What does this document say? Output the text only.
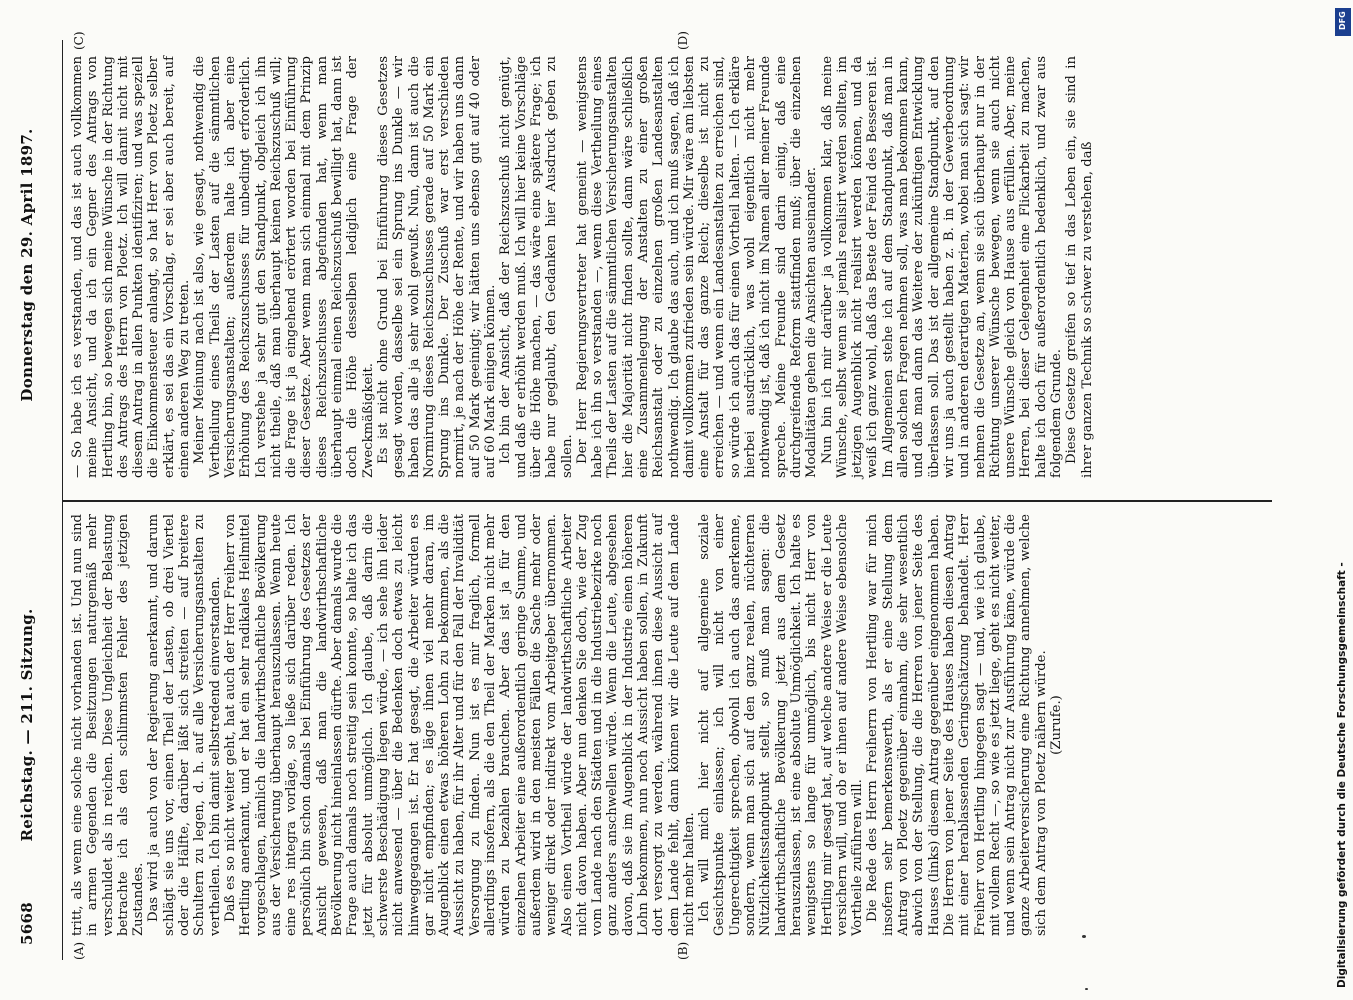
5668
Reichstag. — 211. Sitzung.
Donnerstag den 29. April 1897.
(A)	(B)
(C)	(D)

tritt, als wenn eine solche nicht vorhanden ist. Und nun sind in armen Gegenden die Besitzungen naturgemäß mehr verschuldet als in reichen. Diese Ungleichheit der Belastung betrachte ich als den schlimmsten Fehler des jetzigen Zustandes. Das wird ja auch von der Regierung anerkannt, und darum schlägt sie uns vor, einen Theil der Lasten, ob drei Viertel oder die Hälfte, darüber läßt sich streiten — auf breitere Schultern zu legen, d. h. auf alle Versicherungsanstalten zu vertheilen. Ich bin damit selbstredend einverstanden. Daß es so nicht weiter geht, hat auch der Herr Freiherr von Hertling anerkannt, und er hat ein sehr radikales Heilmittel vorgeschlagen, nämlich die landwirthschaftliche Bevölkerung aus der Versicherung überhaupt herauszulassen. Wenn heute eine res integra vorläge, so ließe sich darüber reden. Ich persönlich bin schon damals bei Einführung des Gesetzes der Ansicht gewesen, daß man die landwirthschaftliche Bevölkerung nicht hineinlassen dürfte. Aber damals wurde die Frage auch damals noch streitig sein konnte, so halte ich das jetzt für absolut unmöglich. Ich glaube, daß darin die schwerste Beschädigung liegen würde, — ich sehe ihn leider nicht anwesend — über die Bedenken doch etwas zu leicht hinweggegangen ist. Er hat gesagt, die Arbeiter würden es gar nicht empfinden; es läge ihnen viel mehr daran, im Augenblick einen etwas höheren Lohn zu bekommen, als die Aussicht zu haben, für ihr Alter und für den Fall der Invalidität Versorgung zu finden. Nun ist es mir fraglich, formell allerdings insofern, als die den Theil der Marken nicht mehr würden zu bezahlen brauchen. Aber das ist ja für den einzelnen Arbeiter eine außerordentlich geringe Summe, und außerdem wird in den meisten Fällen die Sache mehr oder weniger direkt oder indirekt vom Arbeitgeber übernommen. Also einen Vortheil würde der landwirthschaftliche Arbeiter nicht davon haben. Aber nun denken Sie doch, wie der Zug vom Lande nach den Städten und in die Industriebezirke noch ganz anders anschwellen würde. Wenn die Leute, abgesehen davon, daß sie im Augenblick in der Industrie einen höheren Lohn bekommen, nun noch Aussicht haben sollen, in Zukunft dort versorgt zu werden, während ihnen diese Aussicht auf dem Lande fehlt, dann können wir die Leute auf dem Lande nicht mehr halten. Ich will mich hier nicht auf allgemeine soziale Gesichtspunkte einlassen; ich will nicht von einer Ungerechtigkeit sprechen, obwohl ich auch das anerkenne, sondern, wenn man sich auf den ganz realen, nüchternen Nützlichkeitsstandpunkt stellt, so muß man sagen: die landwirthschaftliche Bevölkerung jetzt aus dem Gesetz herauszulassen, ist eine absolute Unmöglichkeit. Ich halte es wenigstens so lange für unmöglich, bis nicht Herr von Hertling mir gesagt hat, auf welche andere Weise er die Leute versichern will, und ob er ihnen auf andere Weise ebensolche Vortheile zuführen will. Die Rede des Herrn Freiherrn von Hertling war für mich insofern sehr bemerkenswerth, als er eine Stellung dem Antrag von Ploetz gegenüber einnahm, die sehr wesentlich abwich von der Stellung, die die Herren von jener Seite des Hauses (links) diesem Antrag gegenüber eingenommen haben. Die Herren von jener Seite des Hauses haben diesen Antrag mit einer herablassenden Geringschätzung behandelt. Herr Freiherr von Hertling hingegen sagt — und, wie ich glaube, mit vollem Recht —, so wie es jetzt liege, geht es nicht weiter, und wenn sein Antrag nicht zur Ausführung käme, würde die ganze Arbeiterversicherung eine Richtung annehmen, welche sich dem Antrag von Ploetz nähern würde. (Zurufe.)

— So habe ich es verstanden, und das ist auch vollkommen meine Ansicht, und da ich ein Gegner des Antrags von Hertling bin, so bewegen sich meine Wünsche in der Richtung des Antrags des Herrn von Ploetz. Ich will damit nicht mit diesem Antrag in allen Punkten identifiziren; und was speziell die Einkommensteuer anlangt, so hat Herr von Ploetz selber erklärt, es sei das ein Vorschlag, er sei aber auch bereit, auf einen anderen Weg zu treten. Meiner Meinung nach ist also, wie gesagt, nothwendig die Vertheilung eines Theils der Lasten auf die sämmtlichen Versicherungsanstalten; außerdem halte ich aber eine Erhöhung des Reichszuschusses für unbedingt erforderlich. Ich verstehe ja sehr gut den Standpunkt, obgleich ich ihn nicht theile, daß man überhaupt keinen Reichszuschuß will; die Frage ist ja eingehend erörtert worden bei Einführung dieser Gesetze. Aber wenn man sich einmal mit dem Prinzip dieses Reichszuschusses abgefunden hat, wenn man überhaupt einmal einen Reichszuschuß bewilligt hat, dann ist doch die Höhe desselben lediglich eine Frage der Zweckmäßigkeit. Es ist nicht ohne Grund bei Einführung dieses Gesetzes gesagt worden, dasselbe sei ein Sprung ins Dunkle — wir haben das alle ja sehr wohl gewußt. Nun, dann ist auch die Normirung dieses Reichszuschusses gerade auf 50 Mark ein Sprung ins Dunkle. Der Zuschuß war erst verschieden normirt, je nach der Höhe der Rente, und wir haben uns dann auf 50 Mark geeinigt; wir hätten uns ebenso gut auf 40 oder auf 60 Mark einigen können. Ich bin der Ansicht, daß der Reichszuschuß nicht genügt, und daß er erhöht werden muß. Ich will hier keine Vorschläge über die Höhe machen, — das wäre eine spätere Frage; ich habe nur geglaubt, den Gedanken hier Ausdruck geben zu sollen. Der Herr Regierungsvertreter hat gemeint — wenigstens habe ich ihn so verstanden —, wenn diese Vertheilung eines Theils der Lasten auf die sämmtlichen Versicherungsanstalten hier die Majorität nicht finden sollte, dann wäre schließlich eine Zusammenlegung der Anstalten zu einer großen Reichsanstalt oder zu einzelnen großen Landesanstalten nothwendig. Ich glaube das auch, und ich muß sagen, daß ich damit vollkommen zufrieden sein würde. Mir wäre am liebsten eine Anstalt für das ganze Reich; dieselbe ist nicht zu erreichen — und wenn ein Landesanstalten zu erreichen sind, so würde ich auch das für einen Vortheil halten. — Ich erkläre hierbei ausdrücklich, was wohl eigentlich nicht mehr nothwendig ist, daß ich nicht im Namen aller meiner Freunde spreche. Meine Freunde sind darin einig, daß eine durchgreifende Reform stattfinden muß; über die einzelnen Modalitäten gehen die Ansichten auseinander. Nun bin ich mir darüber ja vollkommen klar, daß meine Wünsche, selbst wenn sie jemals realisirt werden sollten, im jetzigen Augenblick nicht realisirt werden können, und da weiß ich ganz wohl, daß das Beste der Feind des Besseren ist. Im Allgemeinen stehe ich auf dem Standpunkt, daß man in allen solchen Fragen nehmen soll, was man bekommen kann, und daß man dann das Weitere der zukünftigen Entwicklung überlassen soll. Das ist der allgemeine Standpunkt, auf den wir uns ja auch gestellt haben z. B. in der Gewerbeordnung und in anderen derartigen Materien, wobei man sich sagt: wir nehmen die Gesetze an, wenn sie sich überhaupt nur in der Richtung unserer Wünsche bewegen, wenn sie auch nicht unsere Wünsche gleich von Hause aus erfüllen. Aber, meine Herren, bei dieser Gelegenheit eine Flickarbeit zu machen, halte ich doch für außerordentlich bedenklich, und zwar aus folgendem Grunde. Diese Gesetze greifen so tief in das Leben ein, sie sind in ihrer ganzen Technik so schwer zu verstehen, daß

DFG
Digitalisierung gefördert durch die Deutsche Forschungsgemeinschaft -
